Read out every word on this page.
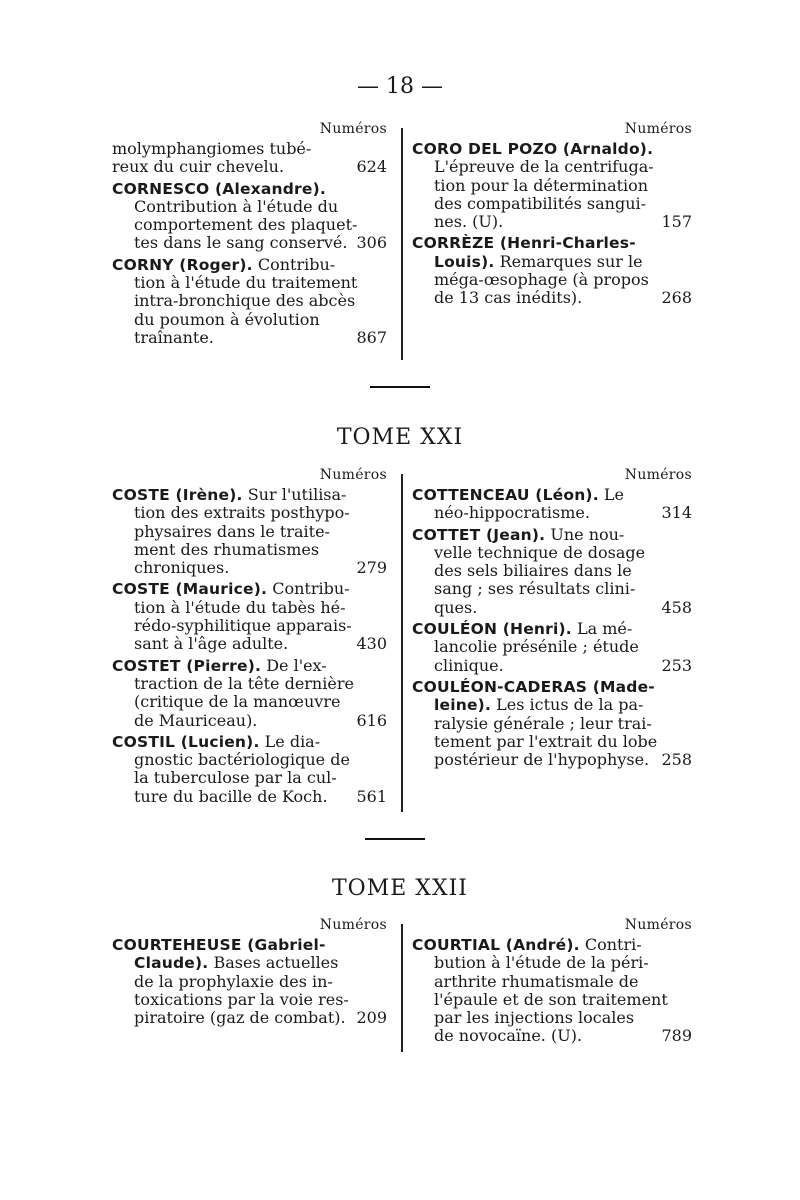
— 18 —
Numéros

molymphangiomes tubé-

reux du cuir chevelu.	624

CORNESCO (Alexandre).

Contribution à l'étude du

comportement des plaquet-

tes dans le sang conservé. 306

CORNY (Roger). Contribu-

tion à l'étude du traitement

intra-bronchique des abcès

du poumon à évolution

traînante.	867

Numéros

CORO DEL POZO (Arnaldo).

L'épreuve de la centrifuga-

tion pour la détermination

des compatibilités sangui-

nes. (U).	157

CORRÈZE (Henri-Charles-

Louis). Remarques sur le

méga-œsophage (à propos

de 13 cas inédits).	268

TOME XXI
Numéros

COSTE (Irène). Sur l'utilisa-

tion des extraits posthypo-

physaires dans le traite-

ment des rhumatismes

chroniques.	279

COSTE (Maurice). Contribu-

tion à l'étude du tabès hé-

rédo-syphilitique apparais-

sant à l'âge adulte.	430

COSTET (Pierre). De l'ex-

traction de la tête dernière

(critique de la manœuvre

de Mauriceau).	616

COSTIL (Lucien). Le dia-

gnostic bactériologique de

la tuberculose par la cul-

ture du bacille de Koch. 561

Numéros

COTTENCEAU (Léon). Le

néo-hippocratisme.	314

COTTET (Jean). Une nou-

velle technique de dosage

des sels biliaires dans le

sang ; ses résultats clini-

ques.	458

COULÉON (Henri). La mé-

lancolie présénile ; étude

clinique.	253

COULÉON-CADERAS (Made-

leine). Les ictus de la pa-

ralysie générale ; leur trai-

tement par l'extrait du lobe

postérieur de l'hypophyse. 258

TOME XXII
Numéros

COURTEHEUSE (Gabriel-

Claude). Bases actuelles

de la prophylaxie des in-

toxications par la voie res-

piratoire (gaz de combat). 209

Numéros

COURTIAL (André). Contri-

bution à l'étude de la péri-

arthrite rhumatismale de

l'épaule et de son traitement

par les injections locales

de novocaïne. (U).	789
